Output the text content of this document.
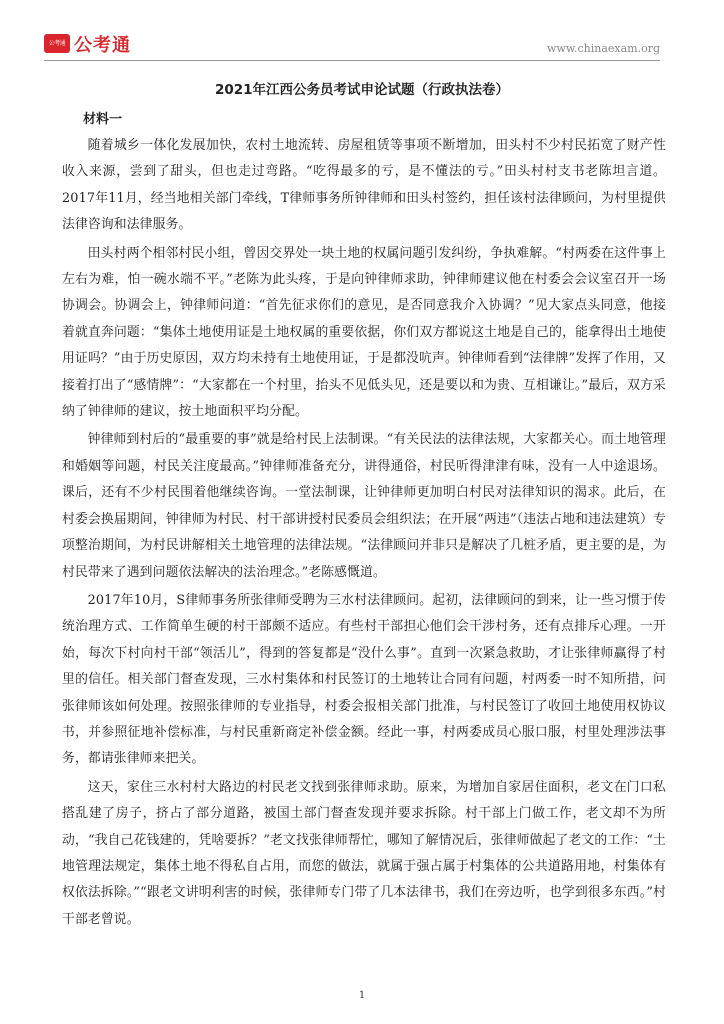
公考通 公考通	www.chinaexam.org
2021年江西公务员考试申论试题（行政执法卷）
材料一

随着城乡一体化发展加快，农村土地流转、房屋租赁等事项不断增加，田头村不少村民拓宽了财产性收入来源，尝到了甜头，但也走过弯路。“吃得最多的亏，是不懂法的亏。”田头村村支书老陈坦言道。2017年11月，经当地相关部门牵线，T律师事务所钟律师和田头村签约，担任该村法律顾问，为村里提供法律咨询和法律服务。

田头村两个相邻村民小组，曾因交界处一块土地的权属问题引发纠纷，争执难解。“村两委在这件事上左右为难，怕一碗水端不平。”老陈为此头疼，于是向钟律师求助，钟律师建议他在村委会会议室召开一场协调会。协调会上，钟律师问道：“首先征求你们的意见，是否同意我介入协调？”见大家点头同意，他接着就直奔问题：“集体土地使用证是土地权属的重要依据，你们双方都说这土地是自己的，能拿得出土地使用证吗？”由于历史原因，双方均未持有土地使用证，于是都没吭声。钟律师看到“法律牌”发挥了作用，又接着打出了“感情牌”：“大家都在一个村里，抬头不见低头见，还是要以和为贵、互相谦让。”最后，双方采纳了钟律师的建议，按土地面积平均分配。

钟律师到村后的“最重要的事”就是给村民上法制课。“有关民法的法律法规，大家都关心。而土地管理和婚姻等问题，村民关注度最高。”钟律师准备充分，讲得通俗，村民听得津津有味，没有一人中途退场。课后，还有不少村民围着他继续咨询。一堂法制课，让钟律师更加明白村民对法律知识的渴求。此后，在村委会换届期间，钟律师为村民、村干部讲授村民委员会组织法；在开展“两违”（违法占地和违法建筑）专项整治期间，为村民讲解相关土地管理的法律法规。“法律顾问并非只是解决了几桩矛盾，更主要的是，为村民带来了遇到问题依法解决的法治理念。”老陈感慨道。

2017年10月，S律师事务所张律师受聘为三水村法律顾问。起初，法律顾问的到来，让一些习惯于传统治理方式、工作简单生硬的村干部颇不适应。有些村干部担心他们会干涉村务，还有点排斥心理。一开始，每次下村向村干部“领活儿”，得到的答复都是“没什么事”。直到一次紧急救助，才让张律师赢得了村里的信任。相关部门督查发现，三水村集体和村民签订的土地转让合同有问题，村两委一时不知所措，问张律师该如何处理。按照张律师的专业指导，村委会报相关部门批准，与村民签订了收回土地使用权协议书，并参照征地补偿标准，与村民重新商定补偿金额。经此一事，村两委成员心服口服，村里处理涉法事务，都请张律师来把关。

这天，家住三水村村大路边的村民老文找到张律师求助。原来，为增加自家居住面积，老文在门口私搭乱建了房子，挤占了部分道路，被国土部门督查发现并要求拆除。村干部上门做工作，老文却不为所动，“我自己花钱建的，凭啥要拆？”老文找张律师帮忙，哪知了解情况后，张律师做起了老文的工作：“土地管理法规定，集体土地不得私自占用，而您的做法，就属于强占属于村集体的公共道路用地，村集体有权依法拆除。”“跟老文讲明利害的时候，张律师专门带了几本法律书，我们在旁边听，也学到很多东西。”村干部老曾说。

1
